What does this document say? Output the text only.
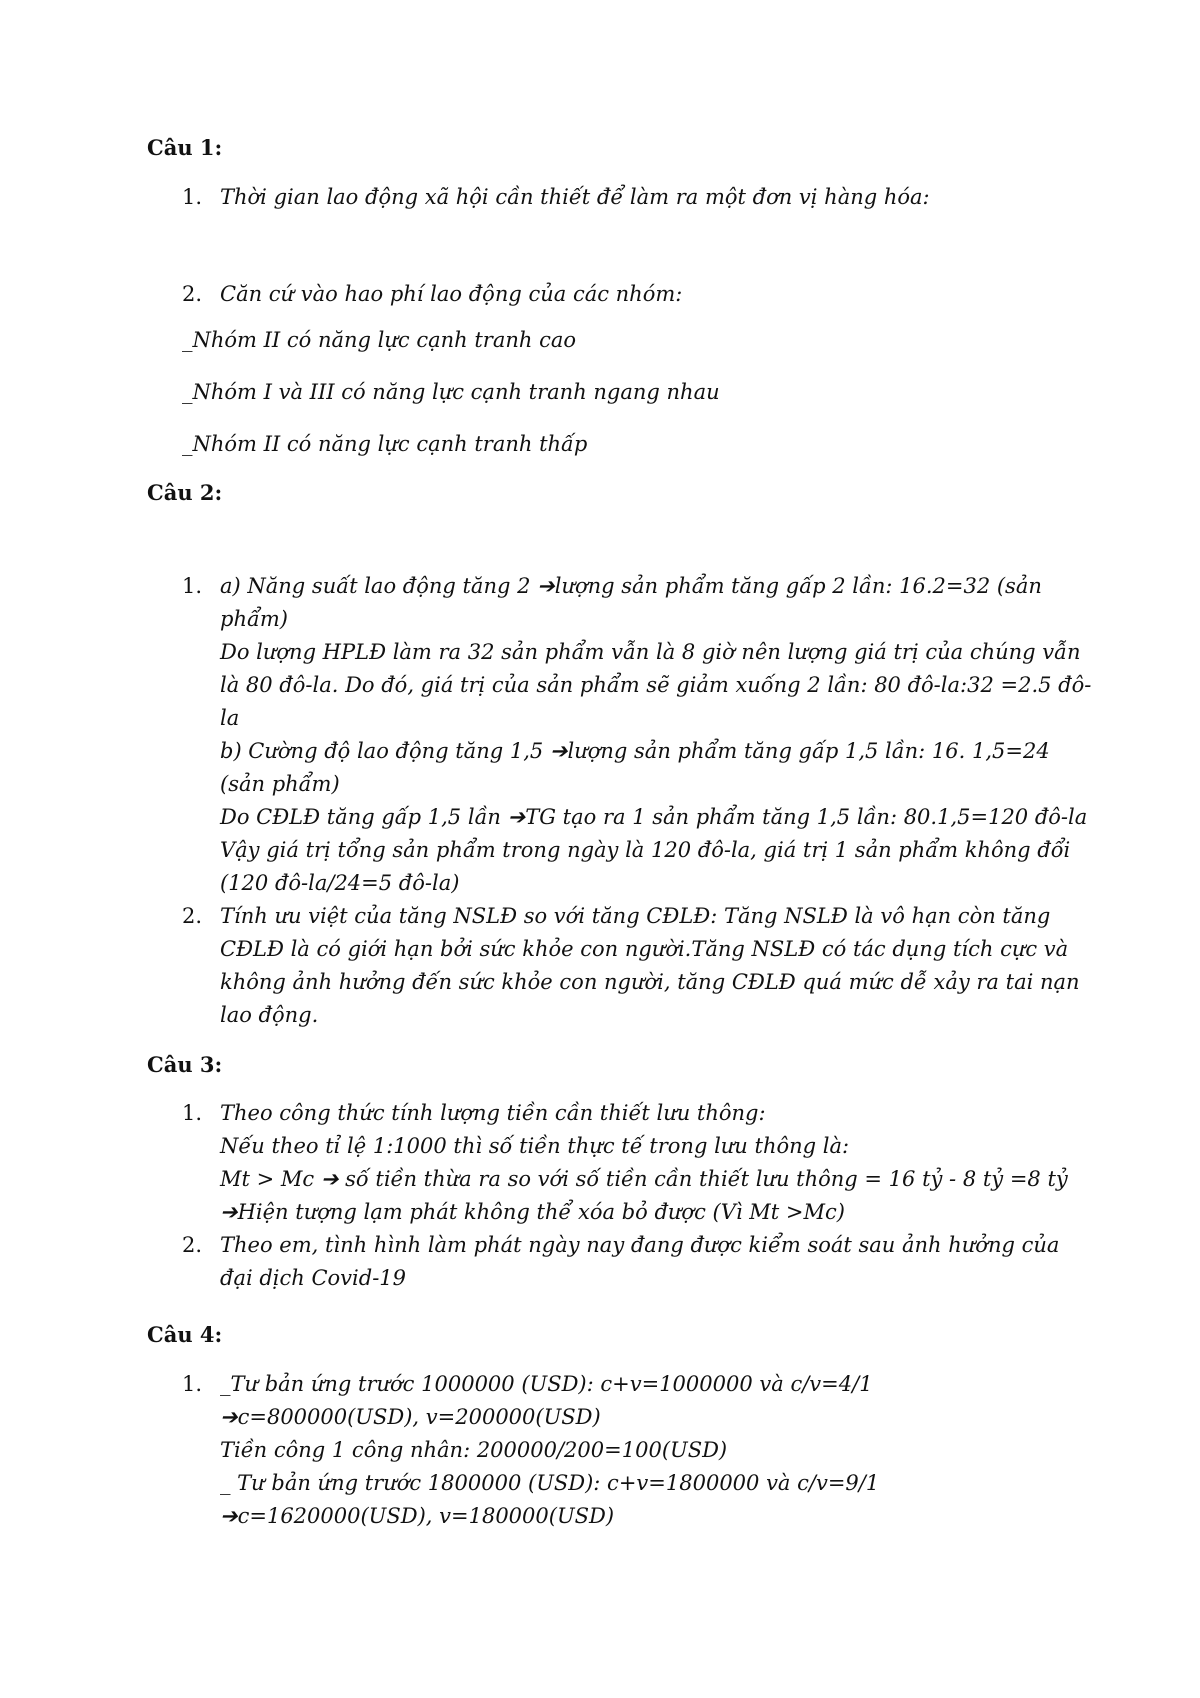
Câu 1:
1. Thời gian lao động xã hội cần thiết để làm ra một đơn vị hàng hóa:
2. Căn cứ vào hao phí lao động của các nhóm:
_Nhóm II có năng lực cạnh tranh cao
_Nhóm I và III có năng lực cạnh tranh ngang nhau
_Nhóm II có năng lực cạnh tranh thấp
Câu 2:
1. a) Năng suất lao động tăng 2 ➔lượng sản phẩm tăng gấp 2 lần: 16.2=32 (sản
phẩm)
Do lượng HPLĐ làm ra 32 sản phẩm vẫn là 8 giờ nên lượng giá trị của chúng vẫn
là 80 đô-la. Do đó, giá trị của sản phẩm sẽ giảm xuống 2 lần: 80 đô-la:32 =2.5 đô-
la
b) Cường độ lao động tăng 1,5 ➔lượng sản phẩm tăng gấp 1,5 lần: 16. 1,5=24
(sản phẩm)
Do CĐLĐ tăng gấp 1,5 lần ➔TG tạo ra 1 sản phẩm tăng 1,5 lần: 80.1,5=120 đô-la
Vậy giá trị tổng sản phẩm trong ngày là 120 đô-la, giá trị 1 sản phẩm không đổi
(120 đô-la/24=5 đô-la)
2. Tính ưu việt của tăng NSLĐ so với tăng CĐLĐ: Tăng NSLĐ là vô hạn còn tăng
CĐLĐ là có giới hạn bởi sức khỏe con người.Tăng NSLĐ có tác dụng tích cực và
không ảnh hưởng đến sức khỏe con người, tăng CĐLĐ quá mức dễ xảy ra tai nạn
lao động.
Câu 3:
1. Theo công thức tính lượng tiền cần thiết lưu thông:
Nếu theo tỉ lệ 1:1000 thì số tiền thực tế trong lưu thông là:
Mt > Mc ➔ số tiền thừa ra so với số tiền cần thiết lưu thông = 16 tỷ - 8 tỷ =8 tỷ
➔Hiện tượng lạm phát không thể xóa bỏ được (Vì Mt >Mc)
2. Theo em, tình hình làm phát ngày nay đang được kiểm soát sau ảnh hưởng của
đại dịch Covid-19
Câu 4:
1. _Tư bản ứng trước 1000000 (USD): c+v=1000000 và c/v=4/1
➔c=800000(USD), v=200000(USD)
Tiền công 1 công nhân: 200000/200=100(USD)
_ Tư bản ứng trước 1800000 (USD): c+v=1800000 và c/v=9/1
➔c=1620000(USD), v=180000(USD)
